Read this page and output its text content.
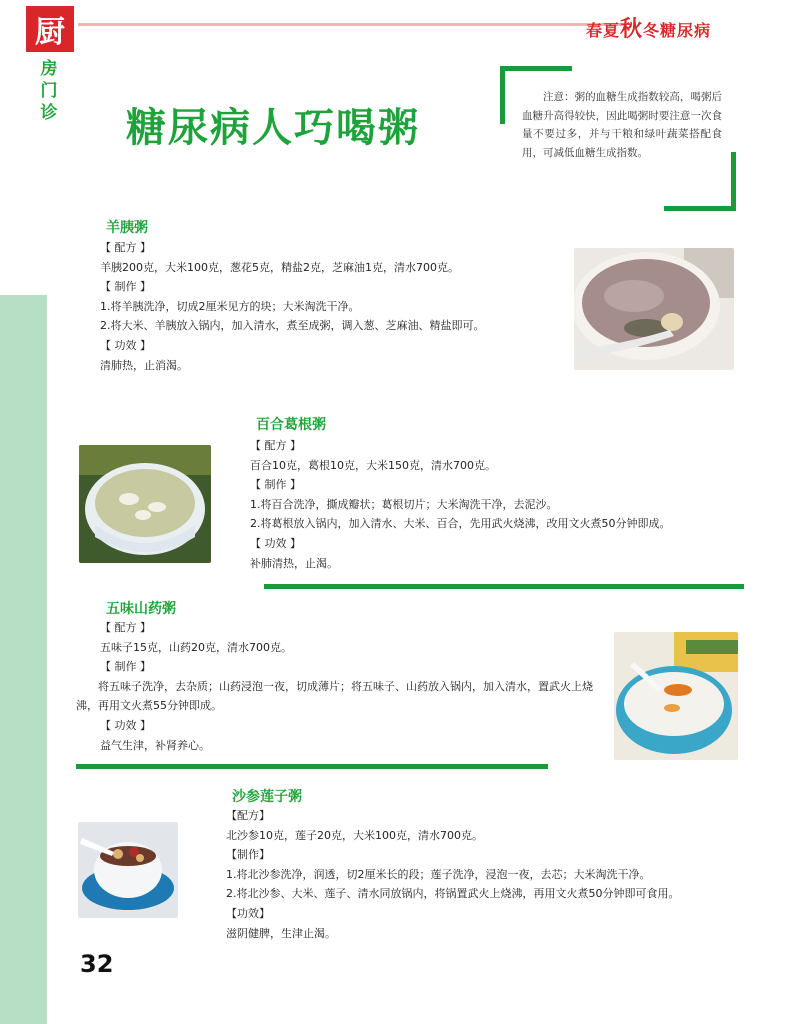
厨	春夏秋冬糖尿病
房
门
诊 糖尿病人巧喝粥
注意：粥的血糖生成指数较高，喝粥后血糖升高得较快，因此喝粥时要注意一次食量不要过多，并与干粮和绿叶蔬菜搭配食用，可减低血糖生成指数。
羊胰粥
【 配方 】
羊胰200克，大米100克，葱花5克，精盐2克，芝麻油1克，清水700克。
【 制作 】
1.将羊胰洗净，切成2厘米见方的块；大米淘洗干净。
2.将大米、羊胰放入锅内，加入清水，煮至成粥，调入葱、芝麻油、精盐即可。
【 功效 】
清肺热，止消渴。
百合葛根粥
【 配方 】
百合10克，葛根10克，大米150克，清水700克。
【 制作 】
1.将百合洗净，撕成瓣状；葛根切片；大米淘洗干净，去泥沙。
2.将葛根放入锅内，加入清水、大米、百合，先用武火烧沸，改用文火煮50分钟即成。
【 功效 】
补肺清热，止渴。
五味山药粥
【 配方 】
五味子15克，山药20克，清水700克。
【 制作 】
将五味子洗净，去杂质；山药浸泡一夜，切成薄片；将五味子、山药放入锅内，加入清水，置武火上烧沸，再用文火煮55分钟即成。
【 功效 】
益气生津，补肾养心。
沙参莲子粥
【配方】
北沙参10克，莲子20克，大米100克，清水700克。
【制作】
1.将北沙参洗净，润透，切2厘米长的段；莲子洗净，浸泡一夜，去芯；大米淘洗干净。
2.将北沙参、大米、莲子、清水同放锅内，将锅置武火上烧沸，再用文火煮50分钟即可食用。
【功效】
滋阴健脾，生津止渴。
32
